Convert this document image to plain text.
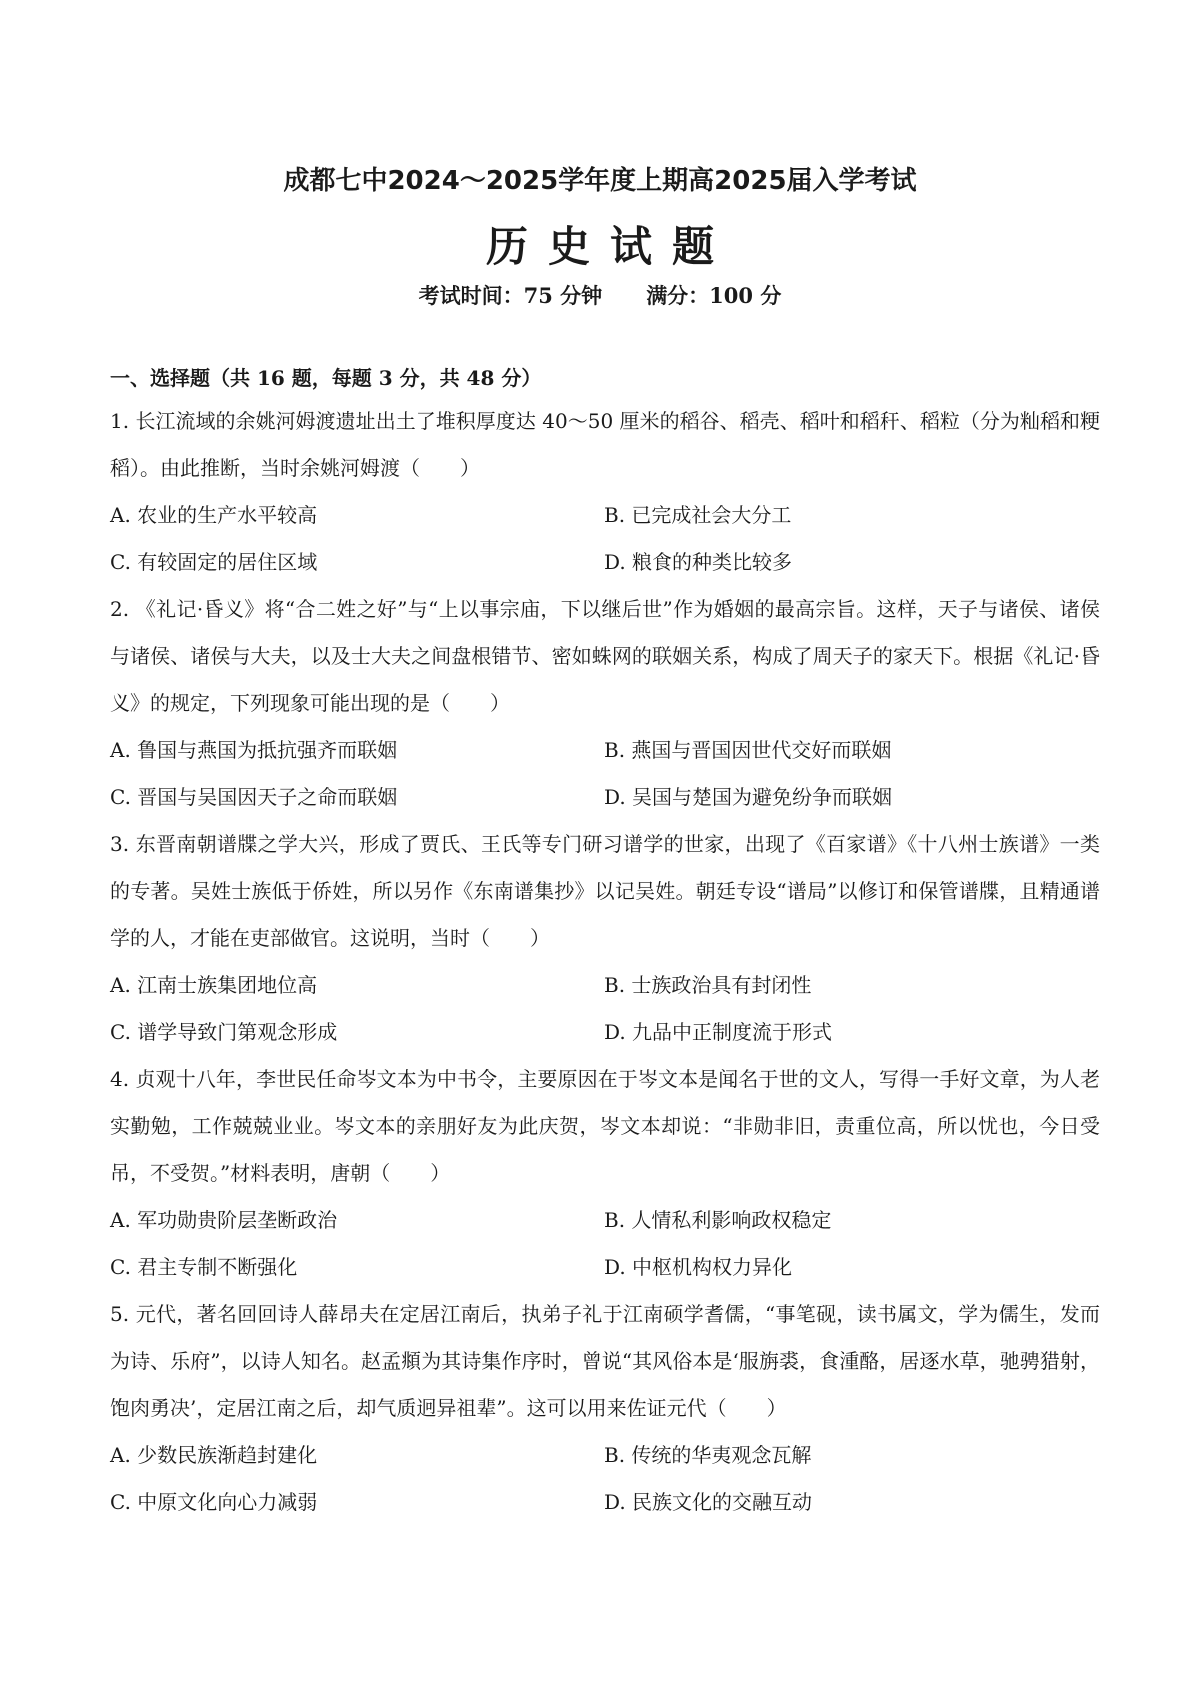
成都七中2024～2025学年度上期高2025届入学考试
历史试题
考试时间：75 分钟 满分：100 分
一、选择题（共 16 题，每题 3 分，共 48 分）
1. 长江流域的余姚河姆渡遗址出土了堆积厚度达 40～50 厘米的稻谷、稻壳、稻叶和稻秆、稻粒（分为籼稻和粳稻）。由此推断，当时余姚河姆渡（　　）
A. 农业的生产水平较高	B. 已完成社会大分工
C. 有较固定的居住区域	D. 粮食的种类比较多
2. 《礼记·昏义》将“合二姓之好”与“上以事宗庙，下以继后世”作为婚姻的最高宗旨。这样，天子与诸侯、诸侯与诸侯、诸侯与大夫，以及士大夫之间盘根错节、密如蛛网的联姻关系，构成了周天子的家天下。根据《礼记·昏义》的规定，下列现象可能出现的是（　　）
A. 鲁国与燕国为抵抗强齐而联姻	B. 燕国与晋国因世代交好而联姻
C. 晋国与吴国因天子之命而联姻	D. 吴国与楚国为避免纷争而联姻
3. 东晋南朝谱牒之学大兴，形成了贾氏、王氏等专门研习谱学的世家，出现了《百家谱》《十八州士族谱》一类的专著。吴姓士族低于侨姓，所以另作《东南谱集抄》以记吴姓。朝廷专设“谱局”以修订和保管谱牒，且精通谱学的人，才能在吏部做官。这说明，当时（　　）
A. 江南士族集团地位高	B. 士族政治具有封闭性
C. 谱学导致门第观念形成	D. 九品中正制度流于形式
4. 贞观十八年，李世民任命岑文本为中书令，主要原因在于岑文本是闻名于世的文人，写得一手好文章，为人老实勤勉，工作兢兢业业。岑文本的亲朋好友为此庆贺，岑文本却说：“非勋非旧，责重位高，所以忧也，今日受吊，不受贺。”材料表明，唐朝（　　）
A. 军功勋贵阶层垄断政治	B. 人情私利影响政权稳定
C. 君主专制不断强化	D. 中枢机构权力异化
5. 元代，著名回回诗人薛昂夫在定居江南后，执弟子礼于江南硕学耆儒，“事笔砚，读书属文，学为儒生，发而为诗、乐府”，以诗人知名。赵孟頫为其诗集作序时，曾说“其风俗本是‘服旃裘，食湩酪，居逐水草，驰骋猎射，饱肉勇决’，定居江南之后，却气质迥异祖辈”。这可以用来佐证元代（　　）
A. 少数民族渐趋封建化	B. 传统的华夷观念瓦解
C. 中原文化向心力减弱	D. 民族文化的交融互动
